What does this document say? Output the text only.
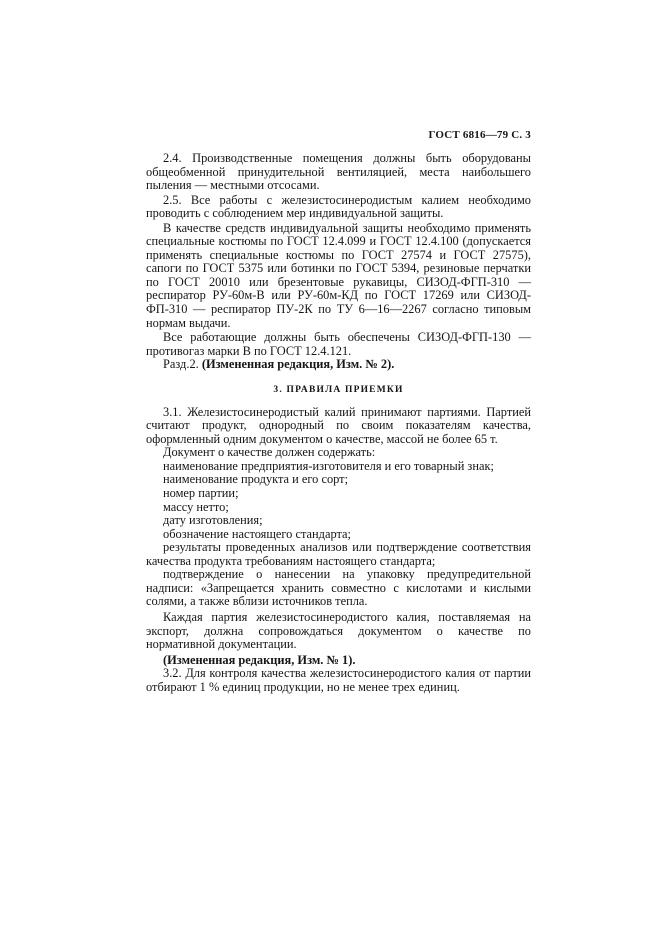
ГОСТ 6816—79 С. 3

2.4. Производственные помещения должны быть оборудованы общеобменной принудительной вентиляцией, места наибольшего пыления — местными отсосами.

2.5. Все работы с железистосинеродистым калием необходимо проводить с соблюдением мер индивидуальной защиты.

В качестве средств индивидуальной защиты необходимо применять специальные костюмы по ГОСТ 12.4.099 и ГОСТ 12.4.100 (допускается применять специальные костюмы по ГОСТ 27574 и ГОСТ 27575), сапоги по ГОСТ 5375 или ботинки по ГОСТ 5394, резиновые перчатки по ГОСТ 20010 или брезентовые рукавицы, СИЗОД-ФГП-310 — респиратор РУ-60м-В или РУ-60м-КД по ГОСТ 17269 или СИЗОД-ФП-310 — респиратор ПУ-2К по ТУ 6—16—2267 согласно типовым нормам выдачи.

Все работающие должны быть обеспечены СИЗОД-ФГП-130 — противогаз марки В по ГОСТ 12.4.121.

Разд.2. (Измененная редакция, Изм. № 2).

3. ПРАВИЛА ПРИЕМКИ

3.1. Железистосинеродистый калий принимают партиями. Партией считают продукт, однородный по своим показателям качества, оформленный одним документом о качестве, массой не более 65 т.

Документ о качестве должен содержать:

наименование предприятия-изготовителя и его товарный знак;

наименование продукта и его сорт;

номер партии;

массу нетто;

дату изготовления;

обозначение настоящего стандарта;

результаты проведенных анализов или подтверждение соответствия качества продукта требованиям настоящего стандарта;

подтверждение о нанесении на упаковку предупредительной надписи: «Запрещается хранить совместно с кислотами и кислыми солями, а также вблизи источников тепла.

Каждая партия железистосинеродистого калия, поставляемая на экспорт, должна сопровождаться документом о качестве по нормативной документации.

(Измененная редакция, Изм. № 1).

3.2. Для контроля качества железистосинеродистого калия от партии отбирают 1 % единиц продукции, но не менее трех единиц.
